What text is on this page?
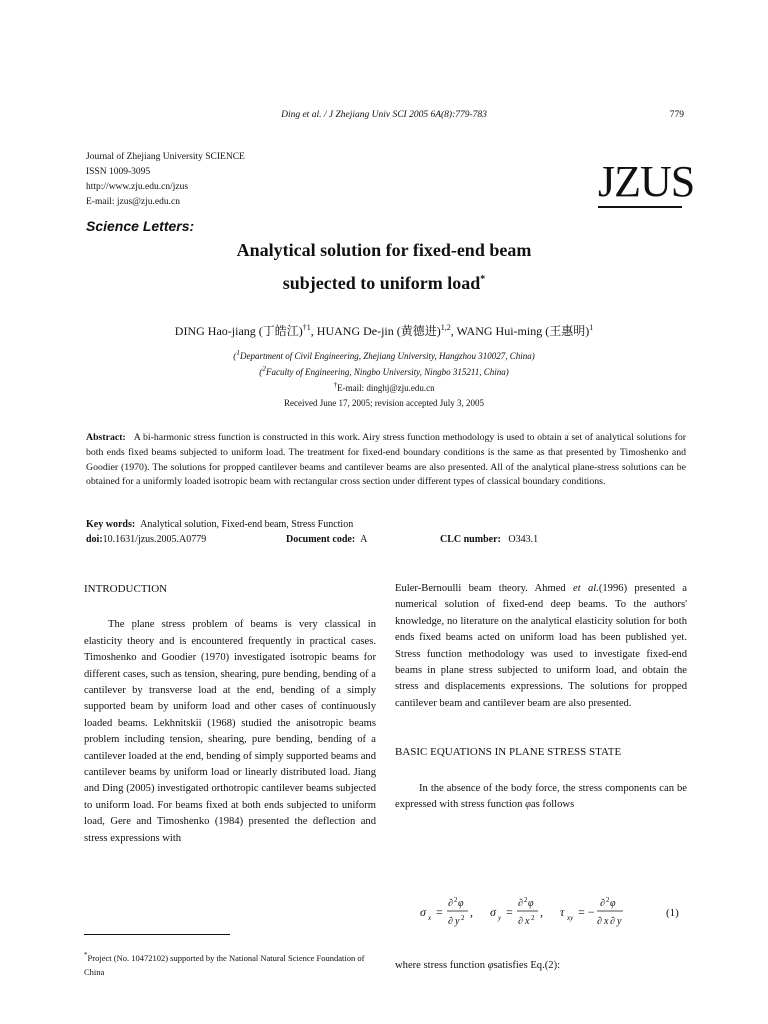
Ding et al. / J Zhejiang Univ SCI 2005 6A(8):779-783	779
Journal of Zhejiang University SCIENCE
ISSN 1009-3095
http://www.zju.edu.cn/jzus
E-mail: jzus@zju.edu.cn	JZUS
Science Letters:
Analytical solution for fixed-end beam
subjected to uniform load*
DING Hao-jiang (丁皓江)$^{\dagger 1}$, HUANG De-jin (黄德进)$^{1,2}$, WANG Hui-ming (王惠明)$^1$
($^1$Department of Civil Engineering, Zhejiang University, Hangzhou 310027, China)
($^2$Faculty of Engineering, Ningbo University, Ningbo 315211, China)
†E-mail: dinghj@zju.edu.cn
Received June 17, 2005; revision accepted July 3, 2005
Abstract: A bi-harmonic stress function is constructed in this work. Airy stress function methodology is used to obtain a set of analytical solutions for both ends fixed beams subjected to uniform load. The treatment for fixed-end boundary conditions is the same as that presented by Timoshenko and Goodier (1970). The solutions for propped cantilever beams and cantilever beams are also presented. All of the analytical plane-stress solutions can be obtained for a uniformly loaded isotropic beam with rectangular cross section under different types of classical boundary conditions.
Key words: Analytical solution, Fixed-end beam, Stress Function
doi:10.1631/jzus.2005.A0779	Document code: A	CLC number: O343.1
INTRODUCTION

The plane stress problem of beams is very classical in elasticity theory and is encountered frequently in practical cases. Timoshenko and Goodier (1970) investigated isotropic beams for different cases, such as tension, shearing, pure bending, bending of a cantilever by transverse load at the end, bending of a simply supported beam by uniform load and other cases of continuously loaded beams. Lekhnitskii (1968) studied the anisotropic beams problem including tension, shearing, pure bending, bending of a cantilever loaded at the end, bending of simply supported beams and cantilever beams by uniform load or linearly distributed load. Jiang and Ding (2005) investigated orthotropic cantilever beams subjected to uniform load. For beams fixed at both ends subjected to uniform load, Gere and Timoshenko (1984) presented the deflection and stress expressions with

Euler-Bernoulli beam theory. Ahmed et al.(1996) presented a numerical solution of fixed-end deep beams. To the authors' knowledge, no literature on the analytical elasticity solution for both ends fixed beams acted on uniform load has been published yet. Stress function methodology was used to investigate fixed-end beams in plane stress subjected to uniform load, and obtain the stress and displacements expressions. The solutions for propped cantilever beam and cantilever beam are also presented.

BASIC EQUATIONS IN PLANE STRESS STATE

In the absence of the body force, the stress components can be expressed with stress function φas follows

σ x =
∂ 2 φ
∂ y 2 , σ y =
∂ 2 φ
∂ x 2 , τ xy = −
∂ 2 φ
∂ x ∂ y
(1)
where stress function φsatisfies Eq.(2):
*Project (No. 10472102) supported by the National Natural Science Foundation of China
